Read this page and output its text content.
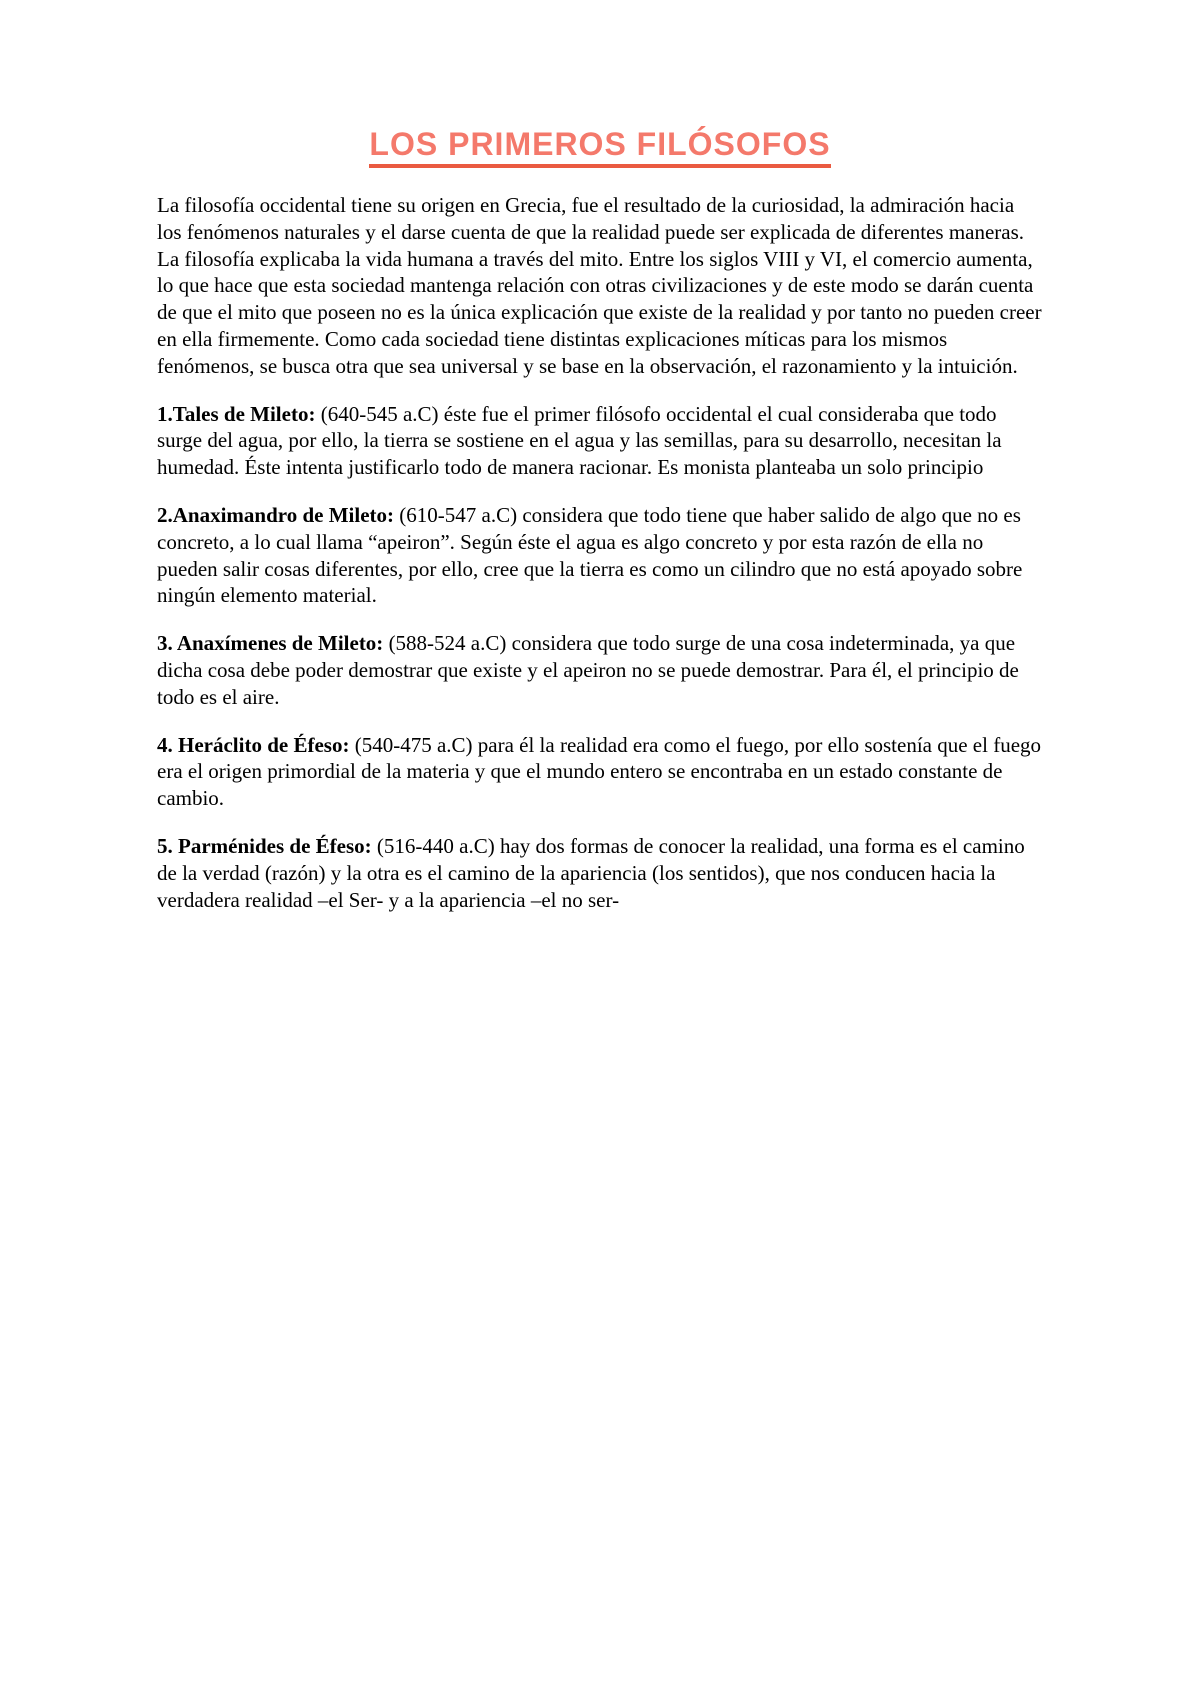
LOS PRIMEROS FILÓSOFOS

La filosofía occidental tiene su origen en Grecia, fue el resultado de la curiosidad, la admiración hacia los fenómenos naturales y el darse cuenta de que la realidad puede ser explicada de diferentes maneras. La filosofía explicaba la vida humana a través del mito. Entre los siglos VIII y VI, el comercio aumenta, lo que hace que esta sociedad mantenga relación con otras civilizaciones y de este modo se darán cuenta de que el mito que poseen no es la única explicación que existe de la realidad y por tanto no pueden creer en ella firmemente. Como cada sociedad tiene distintas explicaciones míticas para los mismos fenómenos, se busca otra que sea universal y se base en la observación, el razonamiento y la intuición.

1.Tales de Mileto: (640-545 a.C) éste fue el primer filósofo occidental el cual consideraba que todo surge del agua, por ello, la tierra se sostiene en el agua y las semillas, para su desarrollo, necesitan la humedad. Éste intenta justificarlo todo de manera racionar. Es monista planteaba un solo principio

2.Anaximandro de Mileto: (610-547 a.C) considera que todo tiene que haber salido de algo que no es concreto, a lo cual llama “apeiron”. Según éste el agua es algo concreto y por esta razón de ella no pueden salir cosas diferentes, por ello, cree que la tierra es como un cilindro que no está apoyado sobre ningún elemento material.

3. Anaxímenes de Mileto: (588-524 a.C) considera que todo surge de una cosa indeterminada, ya que dicha cosa debe poder demostrar que existe y el apeiron no se puede demostrar. Para él, el principio de todo es el aire.

4. Heráclito de Éfeso: (540-475 a.C) para él la realidad era como el fuego, por ello sostenía que el fuego era el origen primordial de la materia y que el mundo entero se encontraba en un estado constante de cambio.

5. Parménides de Éfeso: (516-440 a.C) hay dos formas de conocer la realidad, una forma es el camino de la verdad (razón) y la otra es el camino de la apariencia (los sentidos), que nos conducen hacia la verdadera realidad –el Ser- y a la apariencia –el no ser-
